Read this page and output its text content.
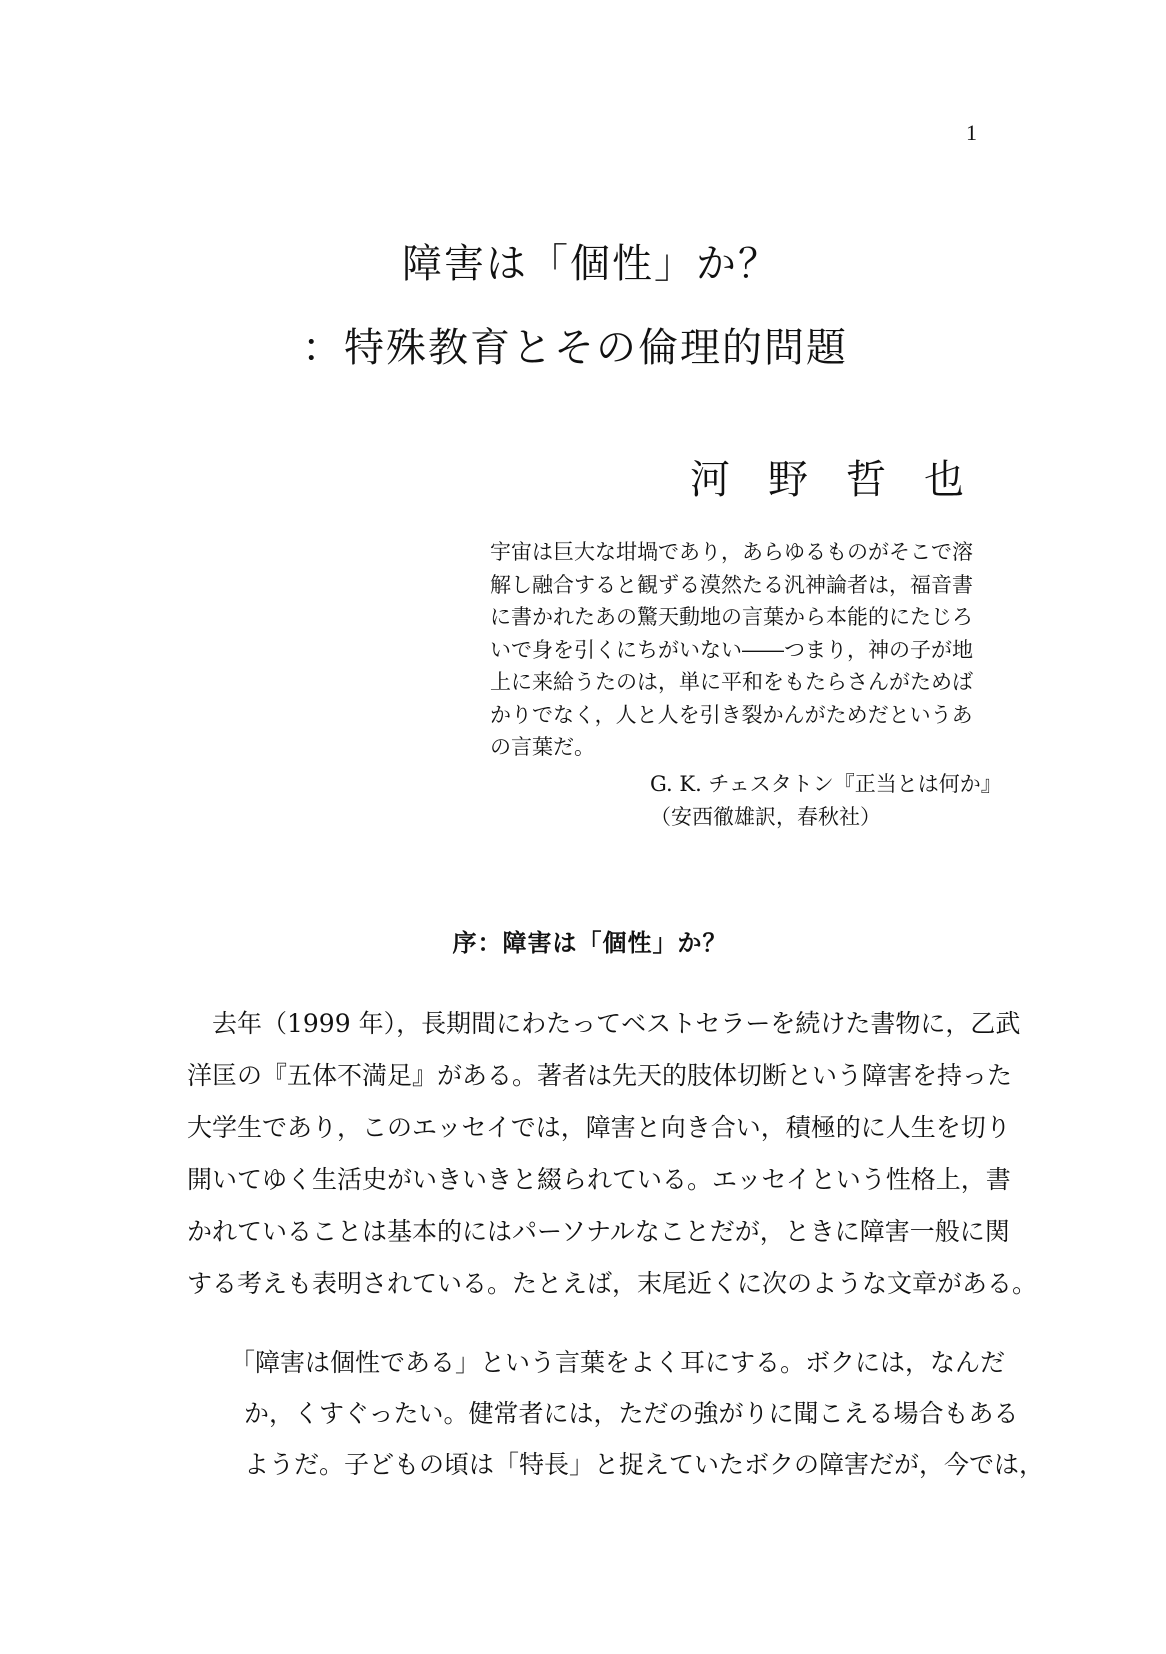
1
障害は「個性」か？
：特殊教育とその倫理的問題
河野哲也
宇宙は巨大な坩堝であり，あらゆるものがそこで溶
解し融合すると観ずる漠然たる汎神論者は，福音書
に書かれたあの驚天動地の言葉から本能的にたじろ
いで身を引くにちがいない――つまり，神の子が地
上に来給うたのは，単に平和をもたらさんがためば
かりでなく，人と人を引き裂かんがためだというあ
の言葉だ。
G. K. チェスタトン『正当とは何か』
（安西徹雄訳，春秋社）
序：障害は「個性」か？
去年（1999 年），長期間にわたってベストセラーを続けた書物に，乙武
洋匡の『五体不満足』がある。著者は先天的肢体切断という障害を持った
大学生であり，このエッセイでは，障害と向き合い，積極的に人生を切り
開いてゆく生活史がいきいきと綴られている。エッセイという性格上，書
かれていることは基本的にはパーソナルなことだが，ときに障害一般に関
する考えも表明されている。たとえば，末尾近くに次のような文章がある。
「障害は個性である」という言葉をよく耳にする。ボクには，なんだ
か，くすぐったい。健常者には，ただの強がりに聞こえる場合もある
ようだ。子どもの頃は「特長」と捉えていたボクの障害だが，今では，
